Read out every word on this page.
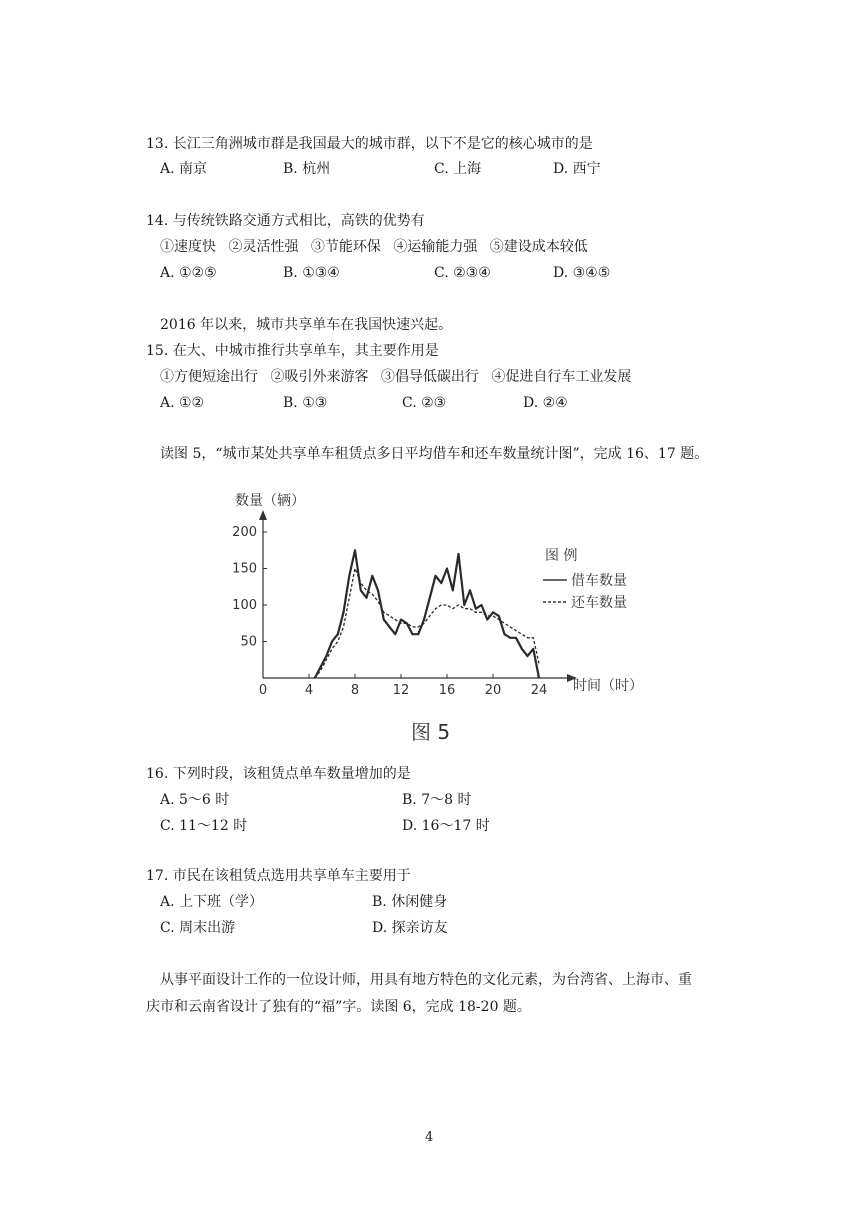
13. 长江三角洲城市群是我国最大的城市群，以下不是它的核心城市的是
A. 南京	B. 杭州	C. 上海	D. 西宁
14. 与传统铁路交通方式相比，高铁的优势有
①速度快 ②灵活性强 ③节能环保 ④运输能力强 ⑤建设成本较低
A. ①②⑤	B. ①③④	C. ②③④	D. ③④⑤
2016 年以来，城市共享单车在我国快速兴起。
15. 在大、中城市推行共享单车，其主要作用是
①方便短途出行 ②吸引外来游客 ③倡导低碳出行 ④促进自行车工业发展
A. ①②	B. ①③	C. ②③	D. ②④
读图 5，“城市某处共享单车租赁点多日平均借车和还车数量统计图”，完成 16、17 题。
数量（辆）
0	4	8	12 16 20 24
50
100
150
200
图 例
借车数量
还车数量
时间（时）
图 5
16. 下列时段，该租赁点单车数量增加的是
A. 5～6 时	B. 7～8 时
C. 11～12 时	D. 16～17 时
17. 市民在该租赁点选用共享单车主要用于
A. 上下班（学）	B. 休闲健身
C. 周末出游	D. 探亲访友
从事平面设计工作的一位设计师，用具有地方特色的文化元素，为台湾省、上海市、重
庆市和云南省设计了独有的“福”字。读图 6，完成 18-20 题。
4
